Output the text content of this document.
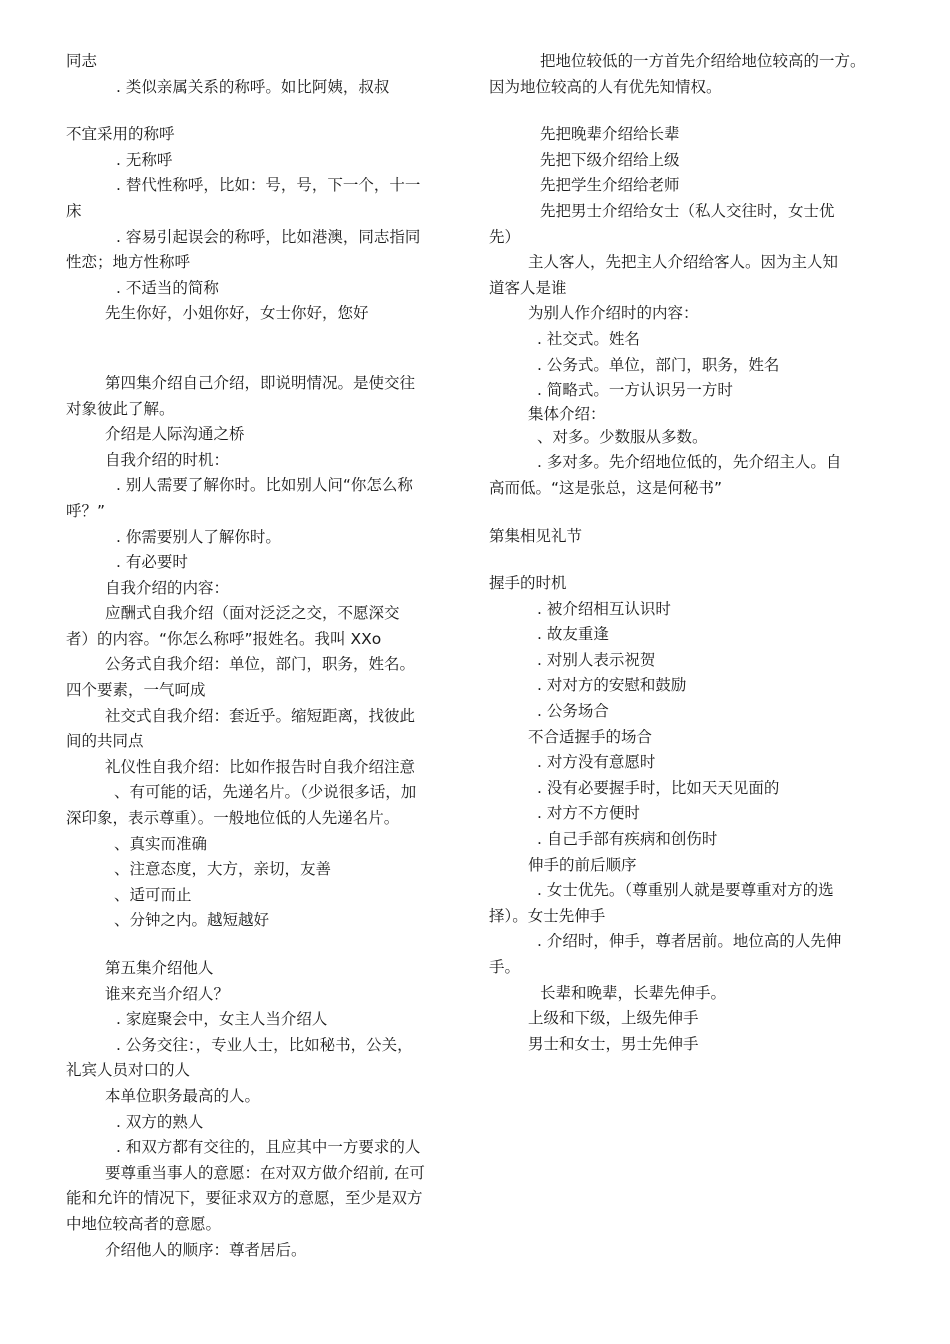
同志
. 类似亲属关系的称呼。如比阿姨，叔叔
不宜采用的称呼
. 无称呼
. 替代性称呼，比如：号，号，下一个，十一
床
. 容易引起误会的称呼，比如港澳，同志指同
性恋；地方性称呼
. 不适当的简称
先生你好，小姐你好，女士你好，您好
第四集介绍自己介绍，即说明情况。是使交往
对象彼此了解。
介绍是人际沟通之桥
自我介绍的时机：
. 别人需要了解你时。比如别人问“你怎么称
呼？”
. 你需要别人了解你时。
. 有必要时
自我介绍的内容：
应酬式自我介绍（面对泛泛之交，不愿深交
者）的内容。“你怎么称呼”报姓名。我叫 XXo
公务式自我介绍：单位，部门，职务，姓名。
四个要素，一气呵成
社交式自我介绍：套近乎。缩短距离，找彼此
间的共同点
礼仪性自我介绍：比如作报告时自我介绍注意
、有可能的话，先递名片。（少说很多话，加
深印象，表示尊重）。一般地位低的人先递名片。
、真实而准确
、注意态度，大方，亲切，友善
、适可而止
、分钟之内。越短越好
第五集介绍他人
谁来充当介绍人？
. 家庭聚会中，女主人当介绍人
. 公务交往：，专业人士，比如秘书，公关，
礼宾人员对口的人
本单位职务最高的人。
. 双方的熟人
. 和双方都有交往的，且应其中一方要求的人
要尊重当事人的意愿：在对双方做介绍前, 在可
能和允许的情况下，要征求双方的意愿，至少是双方
中地位较高者的意愿。
介绍他人的顺序：尊者居后。
把地位较低的一方首先介绍给地位较高的一方。
因为地位较高的人有优先知情权。
先把晚辈介绍给长辈
先把下级介绍给上级
先把学生介绍给老师
先把男士介绍给女士（私人交往时，女士优
先）
主人客人，先把主人介绍给客人。因为主人知
道客人是谁
为别人作介绍时的内容：
. 社交式。姓名
. 公务式。单位，部门，职务，姓名
. 简略式。一方认识另一方时
集体介绍：
、对多。少数服从多数。
. 多对多。先介绍地位低的，先介绍主人。自
高而低。“这是张总，这是何秘书”
第集相见礼节
握手的时机
. 被介绍相互认识时
. 故友重逢
. 对别人表示祝贺
. 对对方的安慰和鼓励
. 公务场合
不合适握手的场合
. 对方没有意愿时
. 没有必要握手时，比如天天见面的
. 对方不方便时
. 自己手部有疾病和创伤时
伸手的前后顺序
. 女士优先。（尊重别人就是要尊重对方的选
择）。女士先伸手
. 介绍时，伸手，尊者居前。地位高的人先伸
手。
长辈和晚辈，长辈先伸手。
上级和下级，上级先伸手
男士和女士，男士先伸手
